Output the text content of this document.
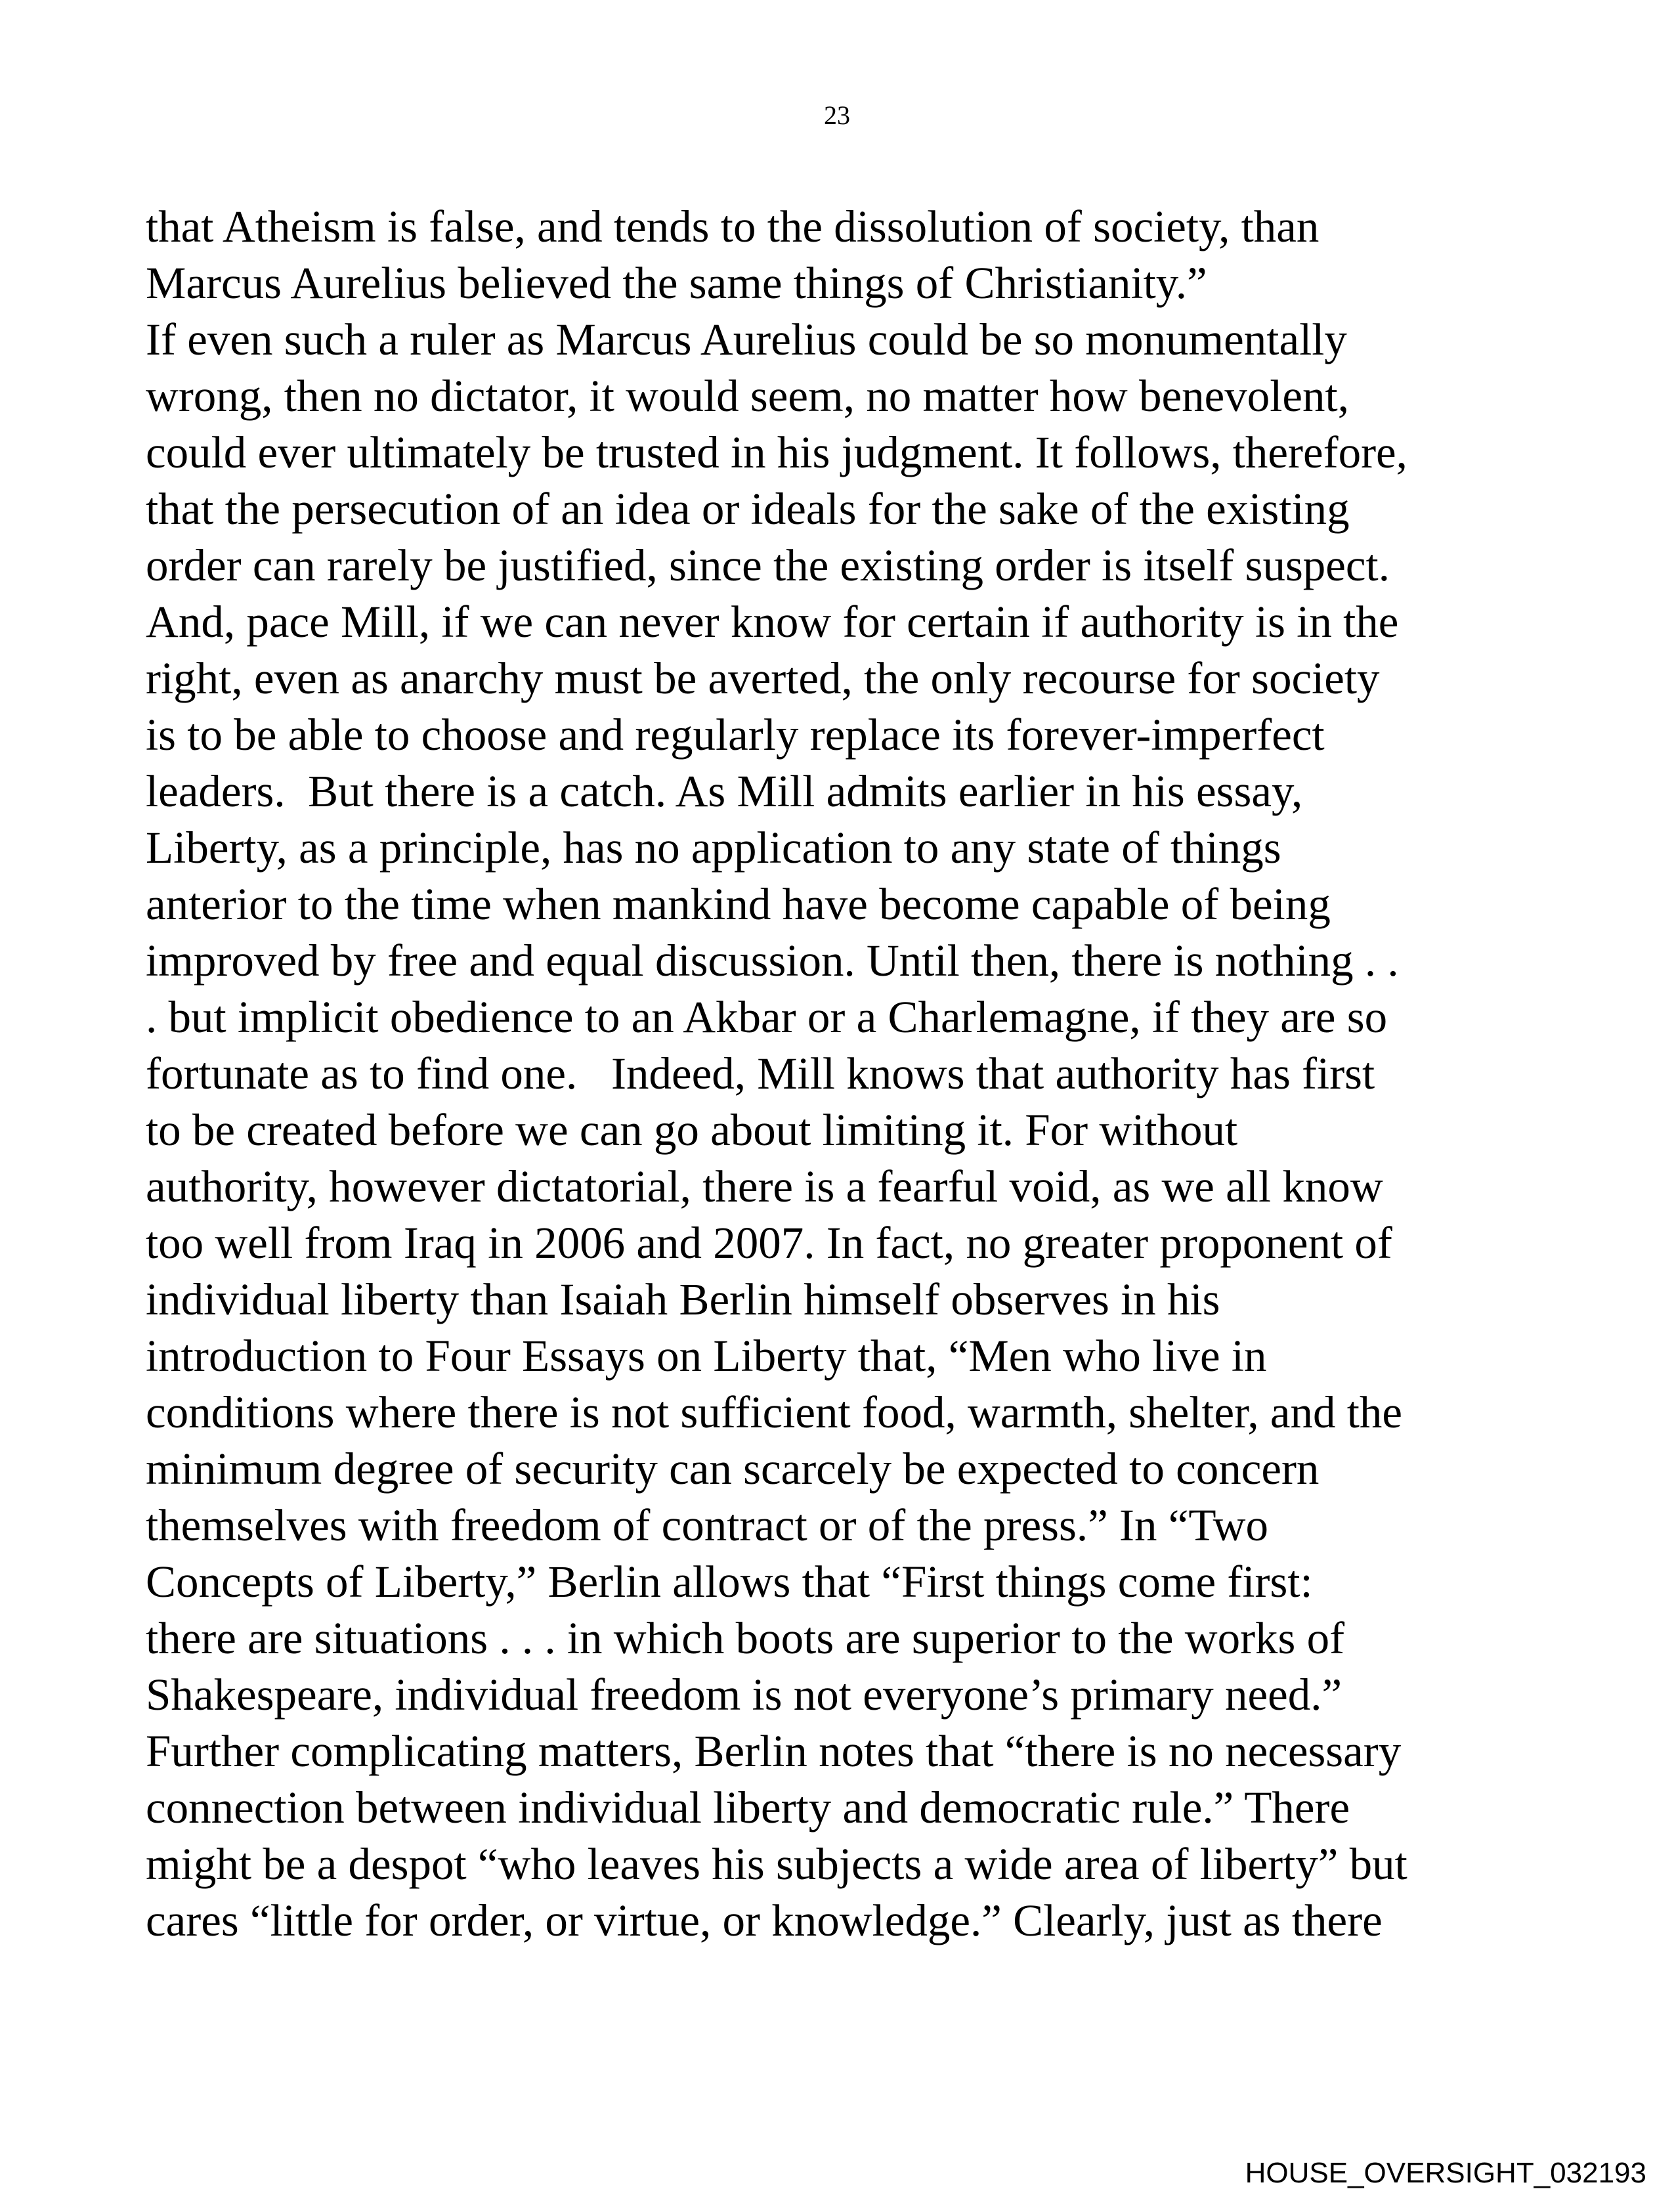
23
that Atheism is false, and tends to the dissolution of society, than
Marcus Aurelius believed the same things of Christianity.”
If even such a ruler as Marcus Aurelius could be so monumentally
wrong, then no dictator, it would seem, no matter how benevolent,
could ever ultimately be trusted in his judgment. It follows, therefore,
that the persecution of an idea or ideals for the sake of the existing
order can rarely be justified, since the existing order is itself suspect.
And, pace Mill, if we can never know for certain if authority is in the
right, even as anarchy must be averted, the only recourse for society
is to be able to choose and regularly replace its forever-imperfect
leaders.  But there is a catch. As Mill admits earlier in his essay,
Liberty, as a principle, has no application to any state of things
anterior to the time when mankind have become capable of being
improved by free and equal discussion. Until then, there is nothing . .
. but implicit obedience to an Akbar or a Charlemagne, if they are so
fortunate as to find one.   Indeed, Mill knows that authority has first
to be created before we can go about limiting it. For without
authority, however dictatorial, there is a fearful void, as we all know
too well from Iraq in 2006 and 2007. In fact, no greater proponent of
individual liberty than Isaiah Berlin himself observes in his
introduction to Four Essays on Liberty that, “Men who live in
conditions where there is not sufficient food, warmth, shelter, and the
minimum degree of security can scarcely be expected to concern
themselves with freedom of contract or of the press.” In “Two
Concepts of Liberty,” Berlin allows that “First things come first:
there are situations . . . in which boots are superior to the works of
Shakespeare, individual freedom is not everyone’s primary need.”
Further complicating matters, Berlin notes that “there is no necessary
connection between individual liberty and democratic rule.” There
might be a despot “who leaves his subjects a wide area of liberty” but
cares “little for order, or virtue, or knowledge.” Clearly, just as there
HOUSE_OVERSIGHT_032193
